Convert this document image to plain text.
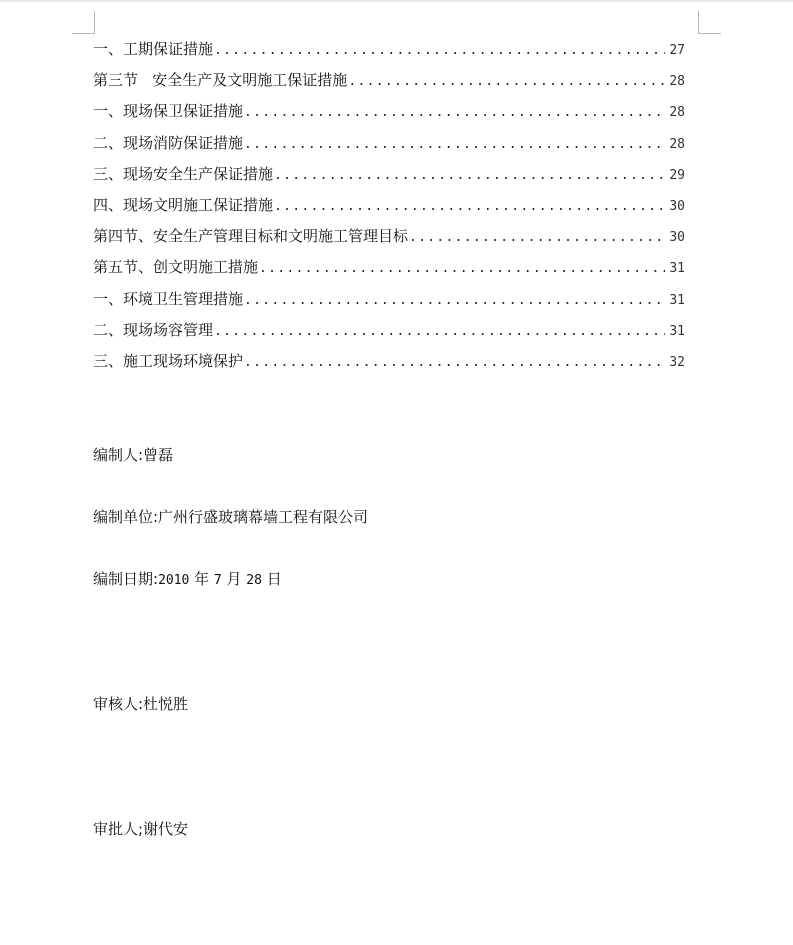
一、工期保证措施 .....	27
第三节   安全生产及文明施工保证措施 .....	28
一、现场保卫保证措施 .....	28
二、现场消防保证措施 .....	28
三、现场安全生产保证措施 .....	29
四、现场文明施工保证措施 .....	30
第四节、安全生产管理目标和文明施工管理目标 .....	30
第五节、创文明施工措施 .....	31
一、环境卫生管理措施 .....	31
二、现场场容管理 .....	31
三、施工现场环境保护 .....	32
编制人:曾磊
编制单位:广州行盛玻璃幕墙工程有限公司
编制日期:2010 年 7 月 28 日
审核人:杜悦胜
审批人;谢代安
